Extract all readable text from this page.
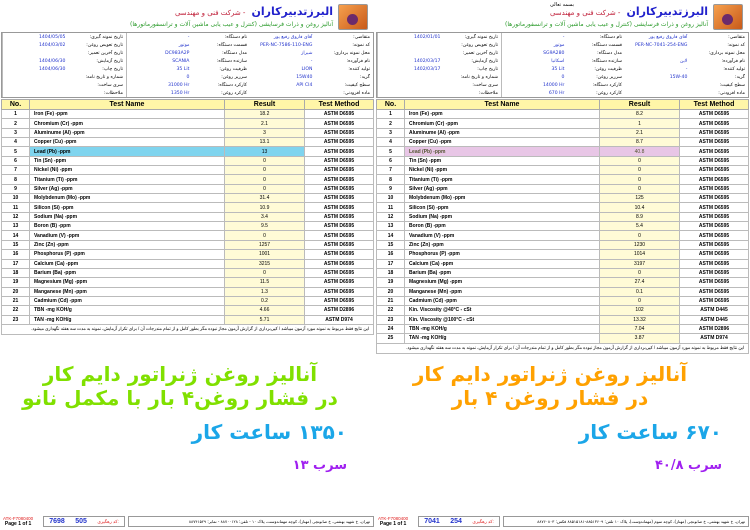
البرزتدبیرکاران- شرکت فنی و مهندسی
آنالیز روغن و ذرات فرسایشی (کنترل و عیب یابی ماشین آلات و ترانسفورماتورها)
متقاضی:
آقای فاروق رفیع پور
کد نمونه:
PER-NC-7586-110-ENG
محل نمونه برداری:
شیراز
نام فرآورده:
-
تولید کننده:
LION
گرید:
15W40
سطح کیفیت:
API CI4
ماده افزودنی:
نام دستگاه:
-
قسمت دستگاه:
موتور
مدل دستگاه:
DC983A2P
سازنده دستگاه:
SCANIA
ظرفیت روغن:
35 Lit
سرریز روغن:
0
کارکرد دستگاه:
31000 Hr
کارکرد روغن:
1350 Hr
تاریخ نمونه گیری:
1404/05/05
تاریخ تعویض روغن:
1404/03/02
تاریخ آخرین تعمیر:
تاریخ آزمایش:
1404/06/30
تاریخ چاپ:
1404/06/30
شماره و تاریخ نامه:
سری ساخت:
ملاحظات:
No.	Test Name	Result	Test Method
1	Iron (Fe) -ppm	18.2	ASTM D6595
2	Chromium (Cr) -ppm	2.1	ASTM D6595
3	Aluminume (Al) -ppm	3	ASTM D6595
4	Copper (Cu) -ppm	13.1	ASTM D6595
5	Lead (Pb) -ppm	13	ASTM D6595
6	Tin (Sn) -ppm	0	ASTM D6595
7	Nickel (Ni) -ppm	0	ASTM D6595
8	Titanium (Ti) -ppm	0	ASTM D6595
9	Silver (Ag) -ppm	0	ASTM D6595
10	Molybdenum (Mo) -ppm	31.4	ASTM D6595
11	Silicon (Si) -ppm	10.9	ASTM D6595
12	Sodium (Na) -ppm	3.4	ASTM D6595
13	Boron (B) -ppm	9.5	ASTM D6595
14	Vanadium (V) -ppm	0	ASTM D6595
15	Zinc (Zn) -ppm	1257	ASTM D6595
16	Phosphorus (P) -ppm	1001	ASTM D6595
17	Calcium (Ca) -ppm	3215	ASTM D6595
18	Barium (Ba) -ppm	0	ASTM D6595
19	Magnesium (Mg) -ppm	11.5	ASTM D6595
20	Manganese (Mn) -ppm	1.3	ASTM D6595
21	Cadmium (Cd) -ppm	0.2	ASTM D6595
22	TBN -mg KOH/g	4.66	ASTM D2896
23	TAN -mg KOH/g	5.71	ASTM D974
این نتایج فقط مربوط به نمونه مورد آزمون میباشد / کپی‌برداری از گزارش آزمون مجاز نبوده مگر بطور کامل و از تمام مندرجات آن / برای تکرار آزمایش، نمونه به مدت سه هفته نگهداری میشود.			
آنالیز روغن ژنراتور دایم کار
در فشار روغن۴ بار با مکمل نانو
۱۳۵۰ ساعت کار
سرب ۱۳
ATK-F7080400
Page 1 of 1	7698 505 کد رهگیری:	تهران، خ شهید بهشتی، خ صابونچی (مهناز)، کوچه مهماندوست، پلاک ۱۰ - تلفن: ۸۸۷۰۰۱۲۸ - نمابر: ۸۸۷۴۱۵۲۹
بسمه تعالی	البرزتدبیرکاران- شرکت فنی و مهندسی
آنالیز روغن و ذرات فرسایشی (کنترل و عیب یابی ماشین آلات و ترانسفورماتورها)
متقاضی:
آقای فاروق رفیع پور
کد نمونه:
PER-NC-7041-254-ENG
محل نمونه برداری:
نام فرآورده:
لاین
تولید کننده:
-
گرید:
15W-40
سطح کیفیت:
ماده افزودنی:
نام دستگاه:
-
قسمت دستگاه:
موتور
مدل دستگاه:
SG9A280
سازنده دستگاه:
اسکانیا
ظرفیت روغن:
35 Lit
سرریز روغن:
0
کارکرد دستگاه:
14000 Hr
کارکرد روغن:
670 Hr
تاریخ نمونه گیری:
1402/01/01
تاریخ تعویض روغن:
تاریخ آخرین تعمیر:
تاریخ آزمایش:
1402/03/17
تاریخ چاپ:
1402/03/17
شماره و تاریخ نامه:
سری ساخت:
ملاحظات:
No.	Test Name	Result	Test Method
1	Iron (Fe) -ppm	8.2	ASTM D6595
2	Chromium (Cr) -ppm	1	ASTM D6595
3	Aluminume (Al) -ppm	2.1	ASTM D6595
4	Copper (Cu) -ppm	8.7	ASTM D6595
5	Lead (Pb) -ppm	40.8	ASTM D6595
6	Tin (Sn) -ppm	0	ASTM D6595
7	Nickel (Ni) -ppm	0	ASTM D6595
8	Titanium (Ti) -ppm	0	ASTM D6595
9	Silver (Ag) -ppm	0	ASTM D6595
10	Molybdenum (Mo) -ppm	125	ASTM D6595
11	Silicon (Si) -ppm	10.4	ASTM D6595
12	Sodium (Na) -ppm	8.9	ASTM D6595
13	Boron (B) -ppm	5.4	ASTM D6595
14	Vanadium (V) -ppm	0	ASTM D6595
15	Zinc (Zn) -ppm	1230	ASTM D6595
16	Phosphorus (P) -ppm	1014	ASTM D6595
17	Calcium (Ca) -ppm	3197	ASTM D6595
18	Barium (Ba) -ppm	0	ASTM D6595
19	Magnesium (Mg) -ppm	27.4	ASTM D6595
20	Manganese (Mn) -ppm	0.1	ASTM D6595
21	Cadmium (Cd) -ppm	0	ASTM D6595
22	Kin. Viscosity @40°C - cSt	102	ASTM D445
23	Kin. Viscosity @100°C - cSt	13.32	ASTM D445
24	TBN -mg KOH/g	7.04	ASTM D2896
25	TAN -mg KOH/g	3.87	ASTM D974
این نتایج فقط مربوط به نمونه مورد آزمون میباشد / کپی‌برداری از گزارش آزمون مجاز نبوده مگر بطور کامل و از تمام مندرجات آن / برای تکرار آزمایش، نمونه به مدت سه هفته نگهداری میشود.			
آنالیز روغن ژنراتور دایم کار
در فشار روغن ۴ بار
۶۷۰ ساعت کار
سرب ۴۰/۸
ATK-F7080400
Page 1 of 1	7041 254 کد رهگیری:	تهران، خ شهید بهشتی، خ صابونچی (مهناز)، کوچه سوم (مهماندوست)، پلاک ۱۰ تلفن: ۸۸۵۱۳۶۰۹-۸۸۵۱۵۱۸۱ فکس: ۸۸۷۶۰۸۰۳
